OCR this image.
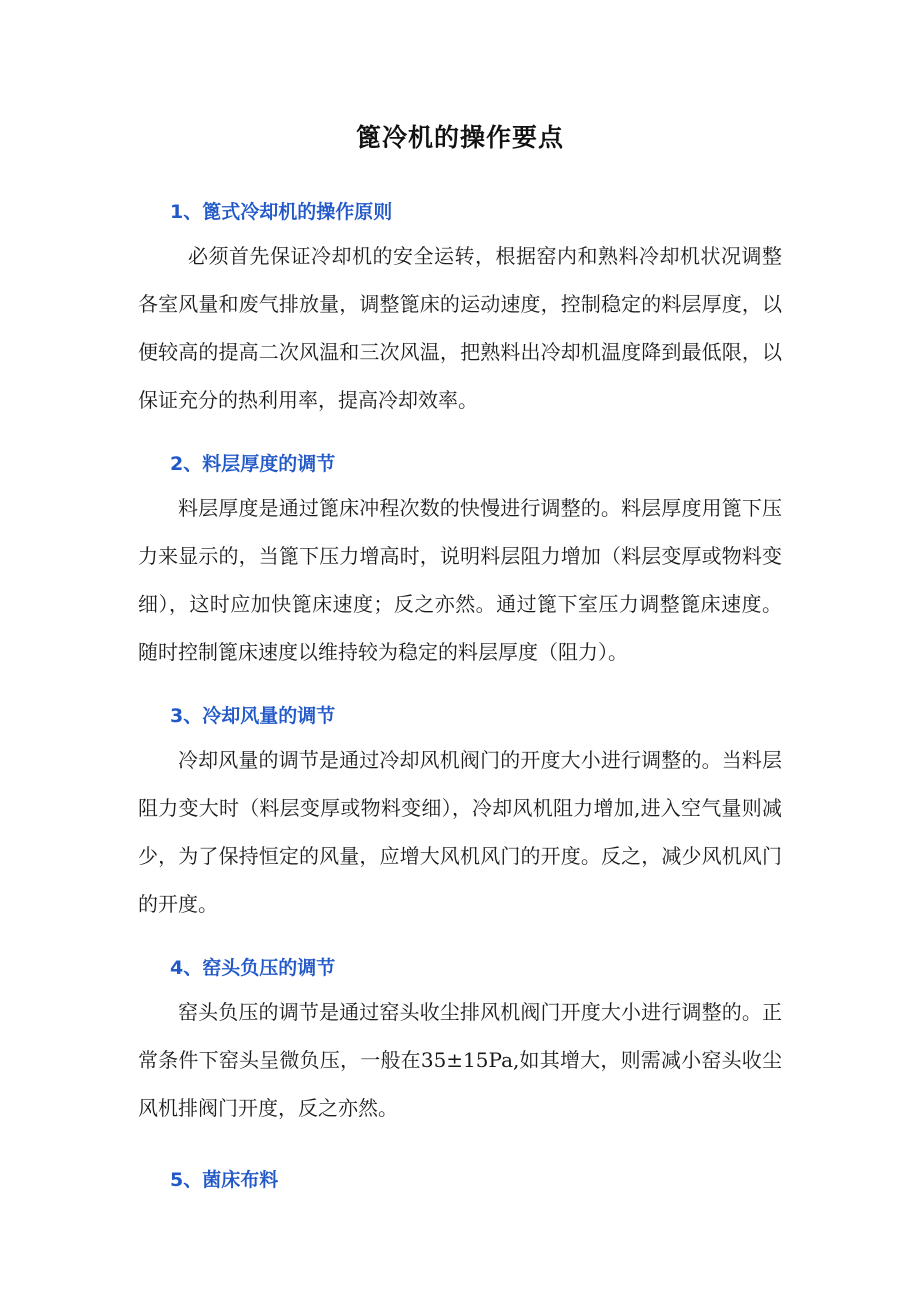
篦冷机的操作要点
1、篦式冷却机的操作原则

必须首先保证冷却机的安全运转，根据窑内和熟料冷却机状况调整各室风量和废气排放量，调整篦床的运动速度，控制稳定的料层厚度，以便较高的提高二次风温和三次风温，把熟料出冷却机温度降到最低限，以保证充分的热利用率，提高冷却效率。

2、料层厚度的调节

料层厚度是通过篦床冲程次数的快慢进行调整的。料层厚度用篦下压力来显示的，当篦下压力增高时，说明料层阻力增加（料层变厚或物料变细），这时应加快篦床速度；反之亦然。通过篦下室压力调整篦床速度。随时控制篦床速度以维持较为稳定的料层厚度（阻力）。

3、冷却风量的调节

冷却风量的调节是通过冷却风机阀门的开度大小进行调整的。当料层阻力变大时（料层变厚或物料变细），冷却风机阻力增加,进入空气量则减少，为了保持恒定的风量，应增大风机风门的开度。反之，减少风机风门的开度。

4、窑头负压的调节

窑头负压的调节是通过窑头收尘排风机阀门开度大小进行调整的。正常条件下窑头呈微负压，一般在35±15Pa,如其增大，则需减小窑头收尘风机排阀门开度，反之亦然。

5、菌床布料
